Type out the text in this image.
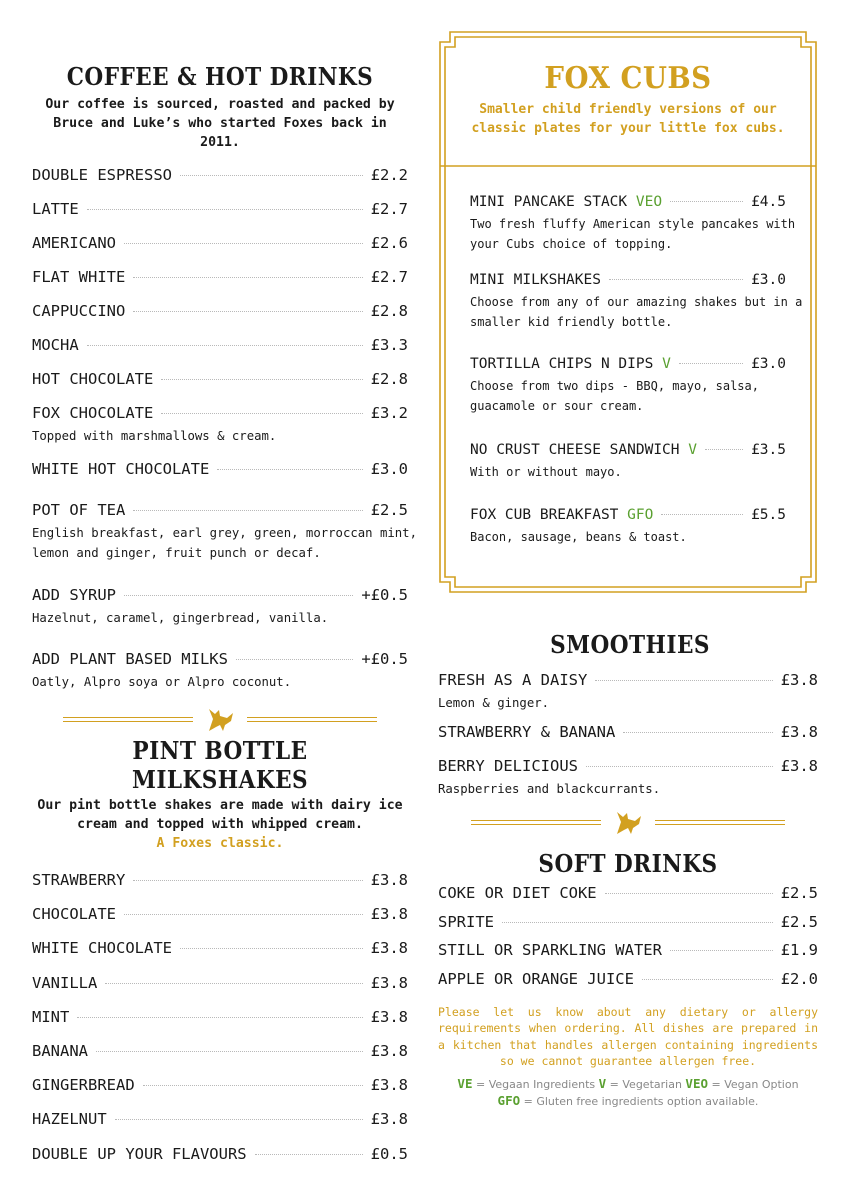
COFFEE & HOT DRINKS

Our coffee is sourced, roasted and packed by
Bruce and Luke’s who started Foxes back in 2011.

DOUBLE ESPRESSO	£2.2
LATTE	£2.7
AMERICANO	£2.6
FLAT WHITE	£2.7
CAPPUCCINO	£2.8
MOCHA	£3.3
HOT CHOCOLATE	£2.8
FOX CHOCOLATE	£3.2
Topped with marshmallows & cream.
WHITE HOT CHOCOLATE	£3.0
POT OF TEA	£2.5
English breakfast, earl grey, green, morroccan mint,
lemon and ginger, fruit punch or decaf.
ADD SYRUP	+£0.5
Hazelnut, caramel, gingerbread, vanilla.
ADD PLANT BASED MILKS	+£0.5
Oatly, Alpro soya or Alpro coconut.
PINT BOTTLE MILKSHAKES

Our pint bottle shakes are made with dairy ice
cream and topped with whipped cream.
A Foxes classic.

STRAWBERRY	£3.8
CHOCOLATE	£3.8
WHITE CHOCOLATE	£3.8
VANILLA	£3.8
MINT	£3.8
BANANA	£3.8
GINGERBREAD	£3.8
HAZELNUT	£3.8
DOUBLE UP YOUR FLAVOURS	£0.5
FOX CUBS
Smaller child friendly versions of our
classic plates for your little fox cubs.
MINI PANCAKE STACK VEO	£4.5
Two fresh fluffy American style pancakes with
your Cubs choice of topping.
MINI MILKSHAKES	£3.0
Choose from any of our amazing shakes but in a
smaller kid friendly bottle.
TORTILLA CHIPS N DIPS V	£3.0
Choose from two dips - BBQ, mayo, salsa,
guacamole or sour cream.
NO CRUST CHEESE SANDWICH V	£3.5
With or without mayo.
FOX CUB BREAKFAST GFO	£5.5
Bacon, sausage, beans & toast.
SMOOTHIES
FRESH AS A DAISY	£3.8
Lemon & ginger.
STRAWBERRY & BANANA	£3.8
BERRY DELICIOUS	£3.8
Raspberries and blackcurrants.
SOFT DRINKS
COKE OR DIET COKE	£2.5
SPRITE	£2.5
STILL OR SPARKLING WATER	£1.9
APPLE OR ORANGE JUICE	£2.0
Please let us know about any dietary or allergy requirements when ordering. All dishes are prepared in a kitchen that handles allergen containing ingredients so we cannot guarantee allergen free.
VE = Vegaan Ingredients V = Vegetarian VEO = Vegan Option
GFO = Gluten free ingredients option available.
